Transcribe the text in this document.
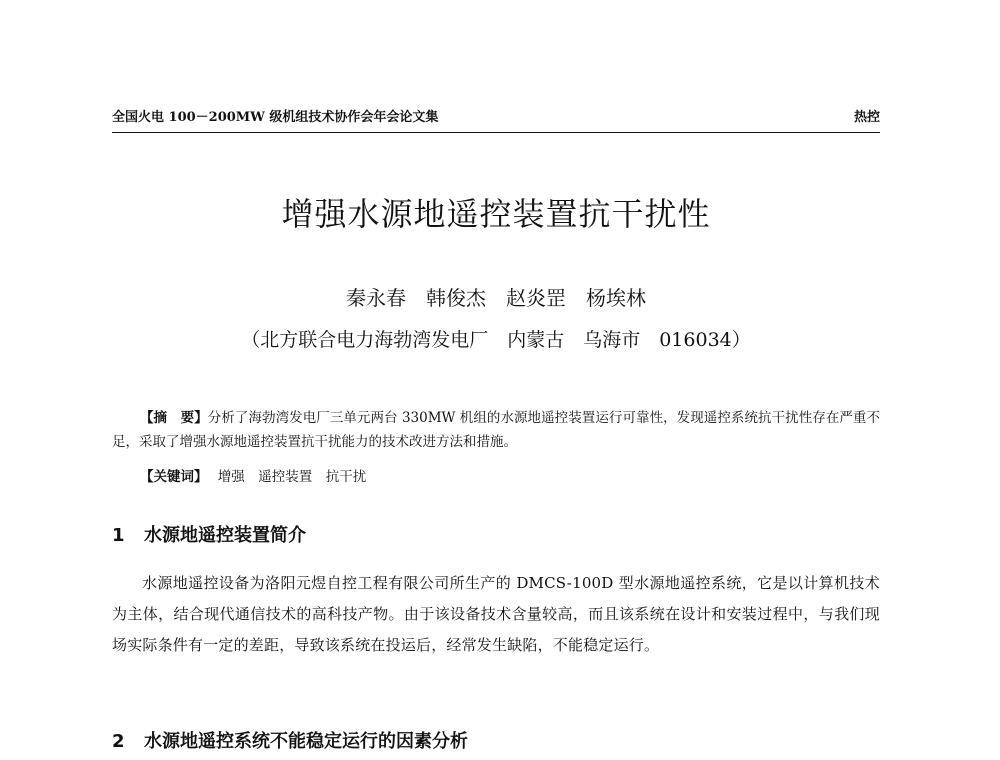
全国火电 100－200MW 级机组技术协作会年会论文集	热控
增强水源地遥控装置抗干扰性
秦永春　韩俊杰　赵炎罡　杨埃林
（北方联合电力海勃湾发电厂　内蒙古　乌海市　016034）
【摘　要】分析了海勃湾发电厂三单元两台 330MW 机组的水源地遥控装置运行可靠性，发现遥控系统抗干扰性存在严重不足，采取了增强水源地遥控装置抗干扰能力的技术改进方法和措施。
【关键词】 增强　遥控装置　抗干扰
1 水源地遥控装置简介
水源地遥控设备为洛阳元煜自控工程有限公司所生产的 DMCS-100D 型水源地遥控系统，它是以计算机技术为主体，结合现代通信技术的高科技产物。由于该设备技术含量较高，而且该系统在设计和安装过程中，与我们现场实际条件有一定的差距，导致该系统在投运后，经常发生缺陷，不能稳定运行。
2 水源地遥控系统不能稳定运行的因素分析
